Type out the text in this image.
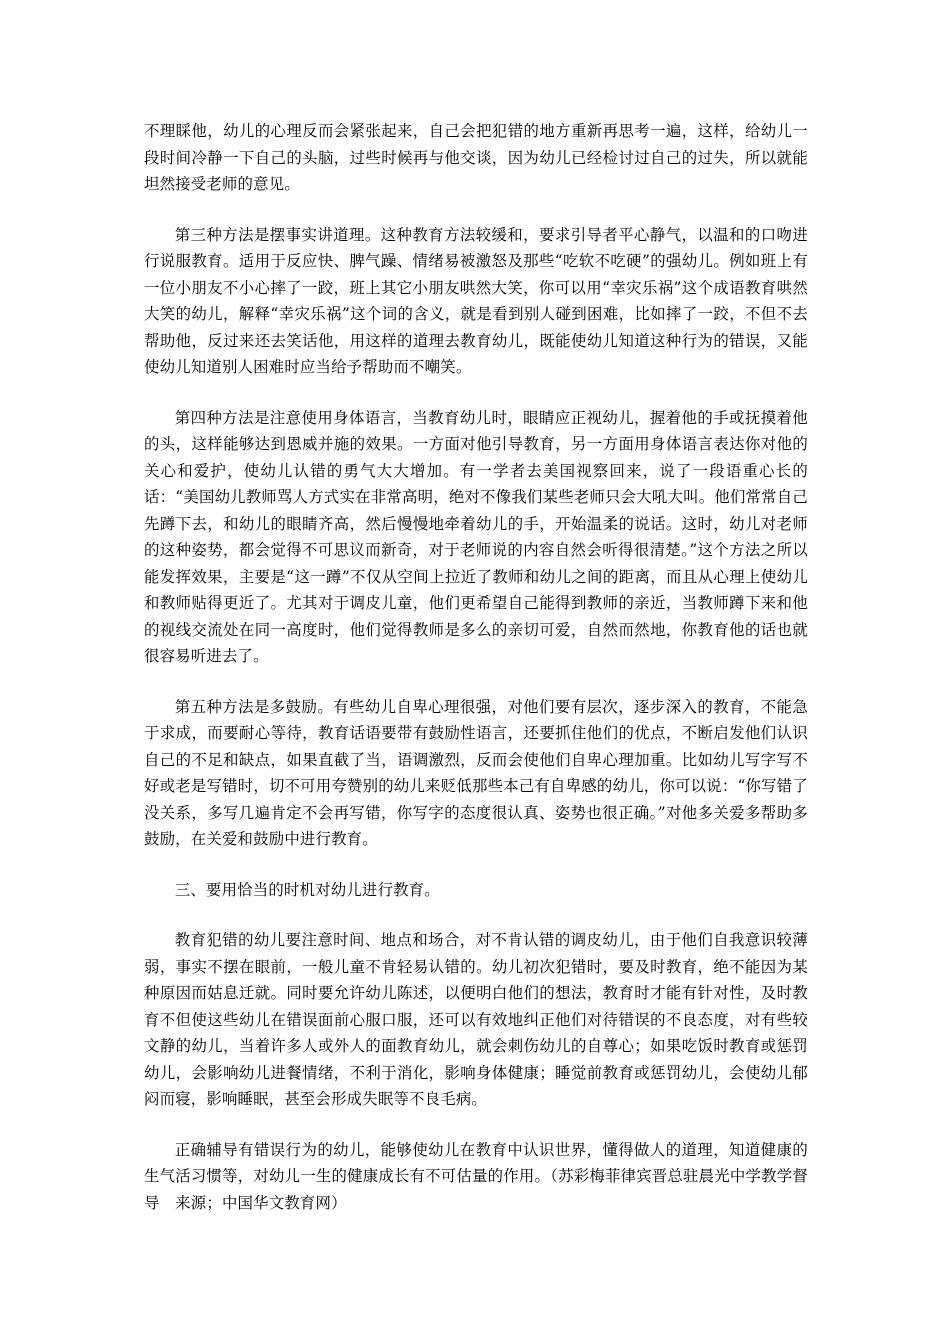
不理睬他，幼儿的心理反而会紧张起来，自己会把犯错的地方重新再思考一遍，这样，给幼儿一段时间冷静一下自己的头脑，过些时候再与他交谈，因为幼儿已经检讨过自己的过失，所以就能坦然接受老师的意见。

第三种方法是摆事实讲道理。这种教育方法较缓和，要求引导者平心静气，以温和的口吻进行说服教育。适用于反应快、脾气躁、情绪易被激怒及那些“吃软不吃硬”的强幼儿。例如班上有一位小朋友不小心摔了一跤，班上其它小朋友哄然大笑，你可以用“幸灾乐祸”这个成语教育哄然大笑的幼儿，解释“幸灾乐祸”这个词的含义，就是看到别人碰到困难，比如摔了一跤，不但不去帮助他，反过来还去笑话他，用这样的道理去教育幼儿，既能使幼儿知道这种行为的错误，又能使幼儿知道别人困难时应当给予帮助而不嘲笑。

第四种方法是注意使用身体语言，当教育幼儿时，眼睛应正视幼儿，握着他的手或抚摸着他的头，这样能够达到恩威并施的效果。一方面对他引导教育，另一方面用身体语言表达你对他的关心和爱护，使幼儿认错的勇气大大增加。有一学者去美国视察回来，说了一段语重心长的话：“美国幼儿教师骂人方式实在非常高明，绝对不像我们某些老师只会大吼大叫。他们常常自己先蹲下去，和幼儿的眼睛齐高，然后慢慢地牵着幼儿的手，开始温柔的说话。这时，幼儿对老师的这种姿势，都会觉得不可思议而新奇，对于老师说的内容自然会听得很清楚。”这个方法之所以能发挥效果，主要是“这一蹲”不仅从空间上拉近了教师和幼儿之间的距离，而且从心理上使幼儿和教师贴得更近了。尤其对于调皮儿童，他们更希望自己能得到教师的亲近，当教师蹲下来和他的视线交流处在同一高度时，他们觉得教师是多么的亲切可爱，自然而然地，你教育他的话也就很容易听进去了。

第五种方法是多鼓励。有些幼儿自卑心理很强，对他们要有层次，逐步深入的教育，不能急于求成，而要耐心等待，教育话语要带有鼓励性语言，还要抓住他们的优点，不断启发他们认识自己的不足和缺点，如果直截了当，语调激烈，反而会使他们自卑心理加重。比如幼儿写字写不好或老是写错时，切不可用夸赞别的幼儿来贬低那些本己有自卑感的幼儿，你可以说：“你写错了没关系，多写几遍肯定不会再写错，你写字的态度很认真、姿势也很正确。”对他多关爱多帮助多鼓励，在关爱和鼓励中进行教育。

三、要用恰当的时机对幼儿进行教育。

教育犯错的幼儿要注意时间、地点和场合，对不肯认错的调皮幼儿，由于他们自我意识较薄弱，事实不摆在眼前，一般儿童不肯轻易认错的。幼儿初次犯错时，要及时教育，绝不能因为某种原因而姑息迁就。同时要允许幼儿陈述，以便明白他们的想法，教育时才能有针对性，及时教育不但使这些幼儿在错误面前心服口服，还可以有效地纠正他们对待错误的不良态度，对有些较文静的幼儿，当着许多人或外人的面教育幼儿，就会刺伤幼儿的自尊心；如果吃饭时教育或惩罚幼儿，会影响幼儿进餐情绪，不利于消化，影响身体健康；睡觉前教育或惩罚幼儿，会使幼儿郁闷而寝，影响睡眠，甚至会形成失眠等不良毛病。

正确辅导有错误行为的幼儿，能够使幼儿在教育中认识世界，懂得做人的道理，知道健康的生气活习惯等，对幼儿一生的健康成长有不可估量的作用。（苏彩梅菲律宾晋总驻晨光中学教学督导　来源；中国华文教育网）
